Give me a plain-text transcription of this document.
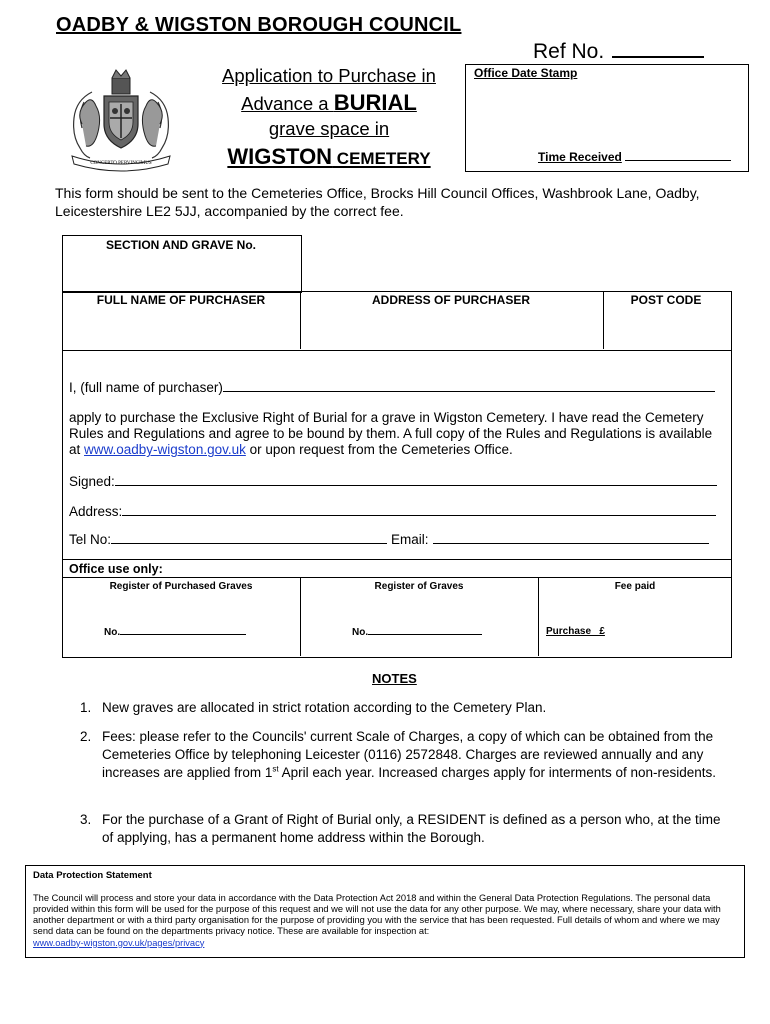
OADBY & WIGSTON BOROUGH COUNCIL
Ref No.
CONCERTO PERVINCIMUS
Application to Purchase in
Advance a BURIAL
grave space in
WIGSTON CEMETERY
Office Date Stamp
Time Received
This form should be sent to the Cemeteries Office, Brocks Hill Council Offices, Washbrook Lane, Oadby, Leicestershire LE2 5JJ, accompanied by the correct fee.
SECTION AND GRAVE No.
FULL NAME OF PURCHASER	ADDRESS OF PURCHASER	POST CODE
I, (full name of purchaser)
apply to purchase the Exclusive Right of Burial for a grave in Wigston Cemetery. I have read the Cemetery Rules and Regulations and agree to be bound by them. A full copy of the Rules and Regulations is available at www.oadby-wigston.gov.uk or upon request from the Cemeteries Office.
Signed:
Address:
Tel No:	Email:
Office use only:
Register of Purchased Graves	Register of Graves	Fee paid
No.	No.	Purchase   £
NOTES
1. New graves are allocated in strict rotation according to the Cemetery Plan.
2. Fees: please refer to the Councils' current Scale of Charges, a copy of which can be obtained from the Cemeteries Office by telephoning Leicester (0116) 2572848. Charges are reviewed annually and any increases are applied from 1st April each year. Increased charges apply for interments of non-residents.
3. For the purchase of a Grant of Right of Burial only, a RESIDENT is defined as a person who, at the time of applying, has a permanent home address within the Borough.
Data Protection Statement
The Council will process and store your data in accordance with the Data Protection Act 2018 and within the General Data Protection Regulations. The personal data provided within this form will be used for the purpose of this request and we will not use the data for any other purpose. We may, where necessary, share your data with another department or with a third party organisation for the purpose of providing you with the service that has been requested. Full details of whom and where we may send data can be found on the departments privacy notice. These are available for inspection at:
www.oadby-wigston.gov.uk/pages/privacy
